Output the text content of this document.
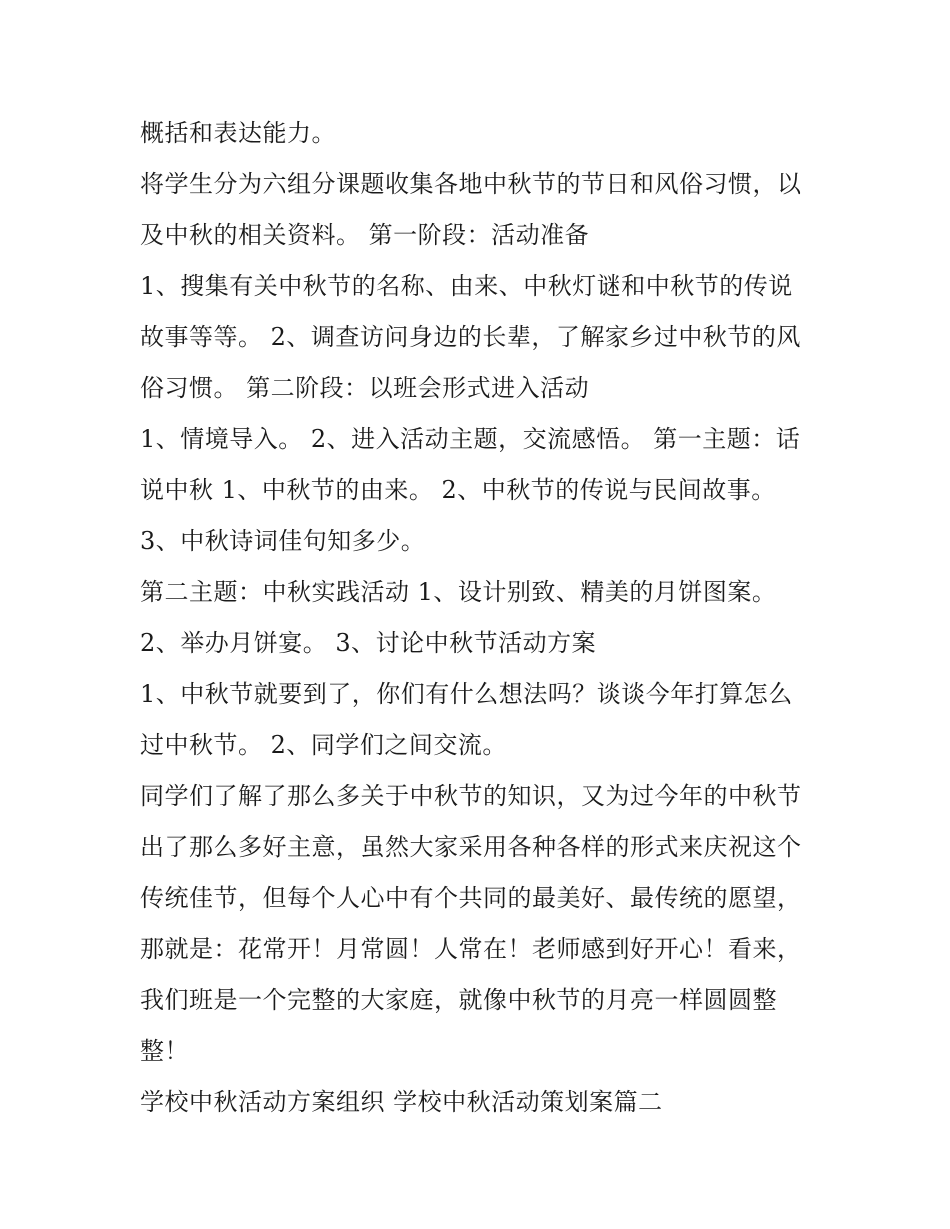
概括和表达能力。
将学生分为六组分课题收集各地中秋节的节日和风俗习惯，以
及中秋的相关资料。 第一阶段：活动准备
1、搜集有关中秋节的名称、由来、中秋灯谜和中秋节的传说
故事等等。 2、调查访问身边的长辈，了解家乡过中秋节的风
俗习惯。 第二阶段：以班会形式进入活动
1、情境导入。 2、进入活动主题，交流感悟。 第一主题：话
说中秋 1、中秋节的由来。 2、中秋节的传说与民间故事。
3、中秋诗词佳句知多少。
第二主题：中秋实践活动 1、设计别致、精美的月饼图案。
2、举办月饼宴。 3、讨论中秋节活动方案
1、中秋节就要到了，你们有什么想法吗？谈谈今年打算怎么
过中秋节。 2、同学们之间交流。
同学们了解了那么多关于中秋节的知识，又为过今年的中秋节
出了那么多好主意，虽然大家采用各种各样的形式来庆祝这个
传统佳节，但每个人心中有个共同的最美好、最传统的愿望，
那就是：花常开！月常圆！人常在！老师感到好开心！看来，
我们班是一个完整的大家庭，就像中秋节的月亮一样圆圆整
整！
学校中秋活动方案组织 学校中秋活动策划案篇二
